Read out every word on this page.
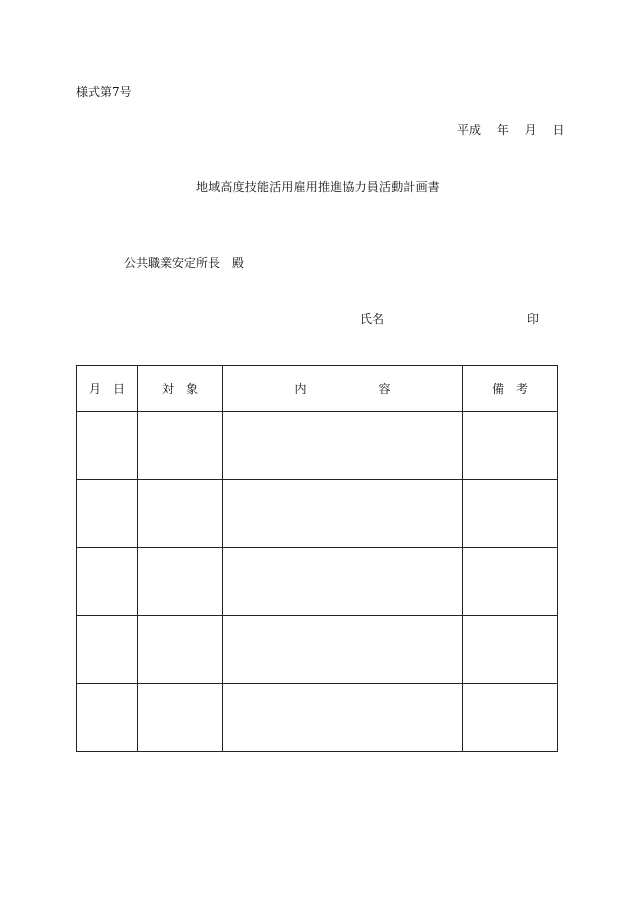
様式第7号
平成　 年　 月　 日
地域高度技能活用雇用推進協力員活動計画書
公共職業安定所長　殿
氏名	印
月　日	対　象	内　　　　　　容	備　考
